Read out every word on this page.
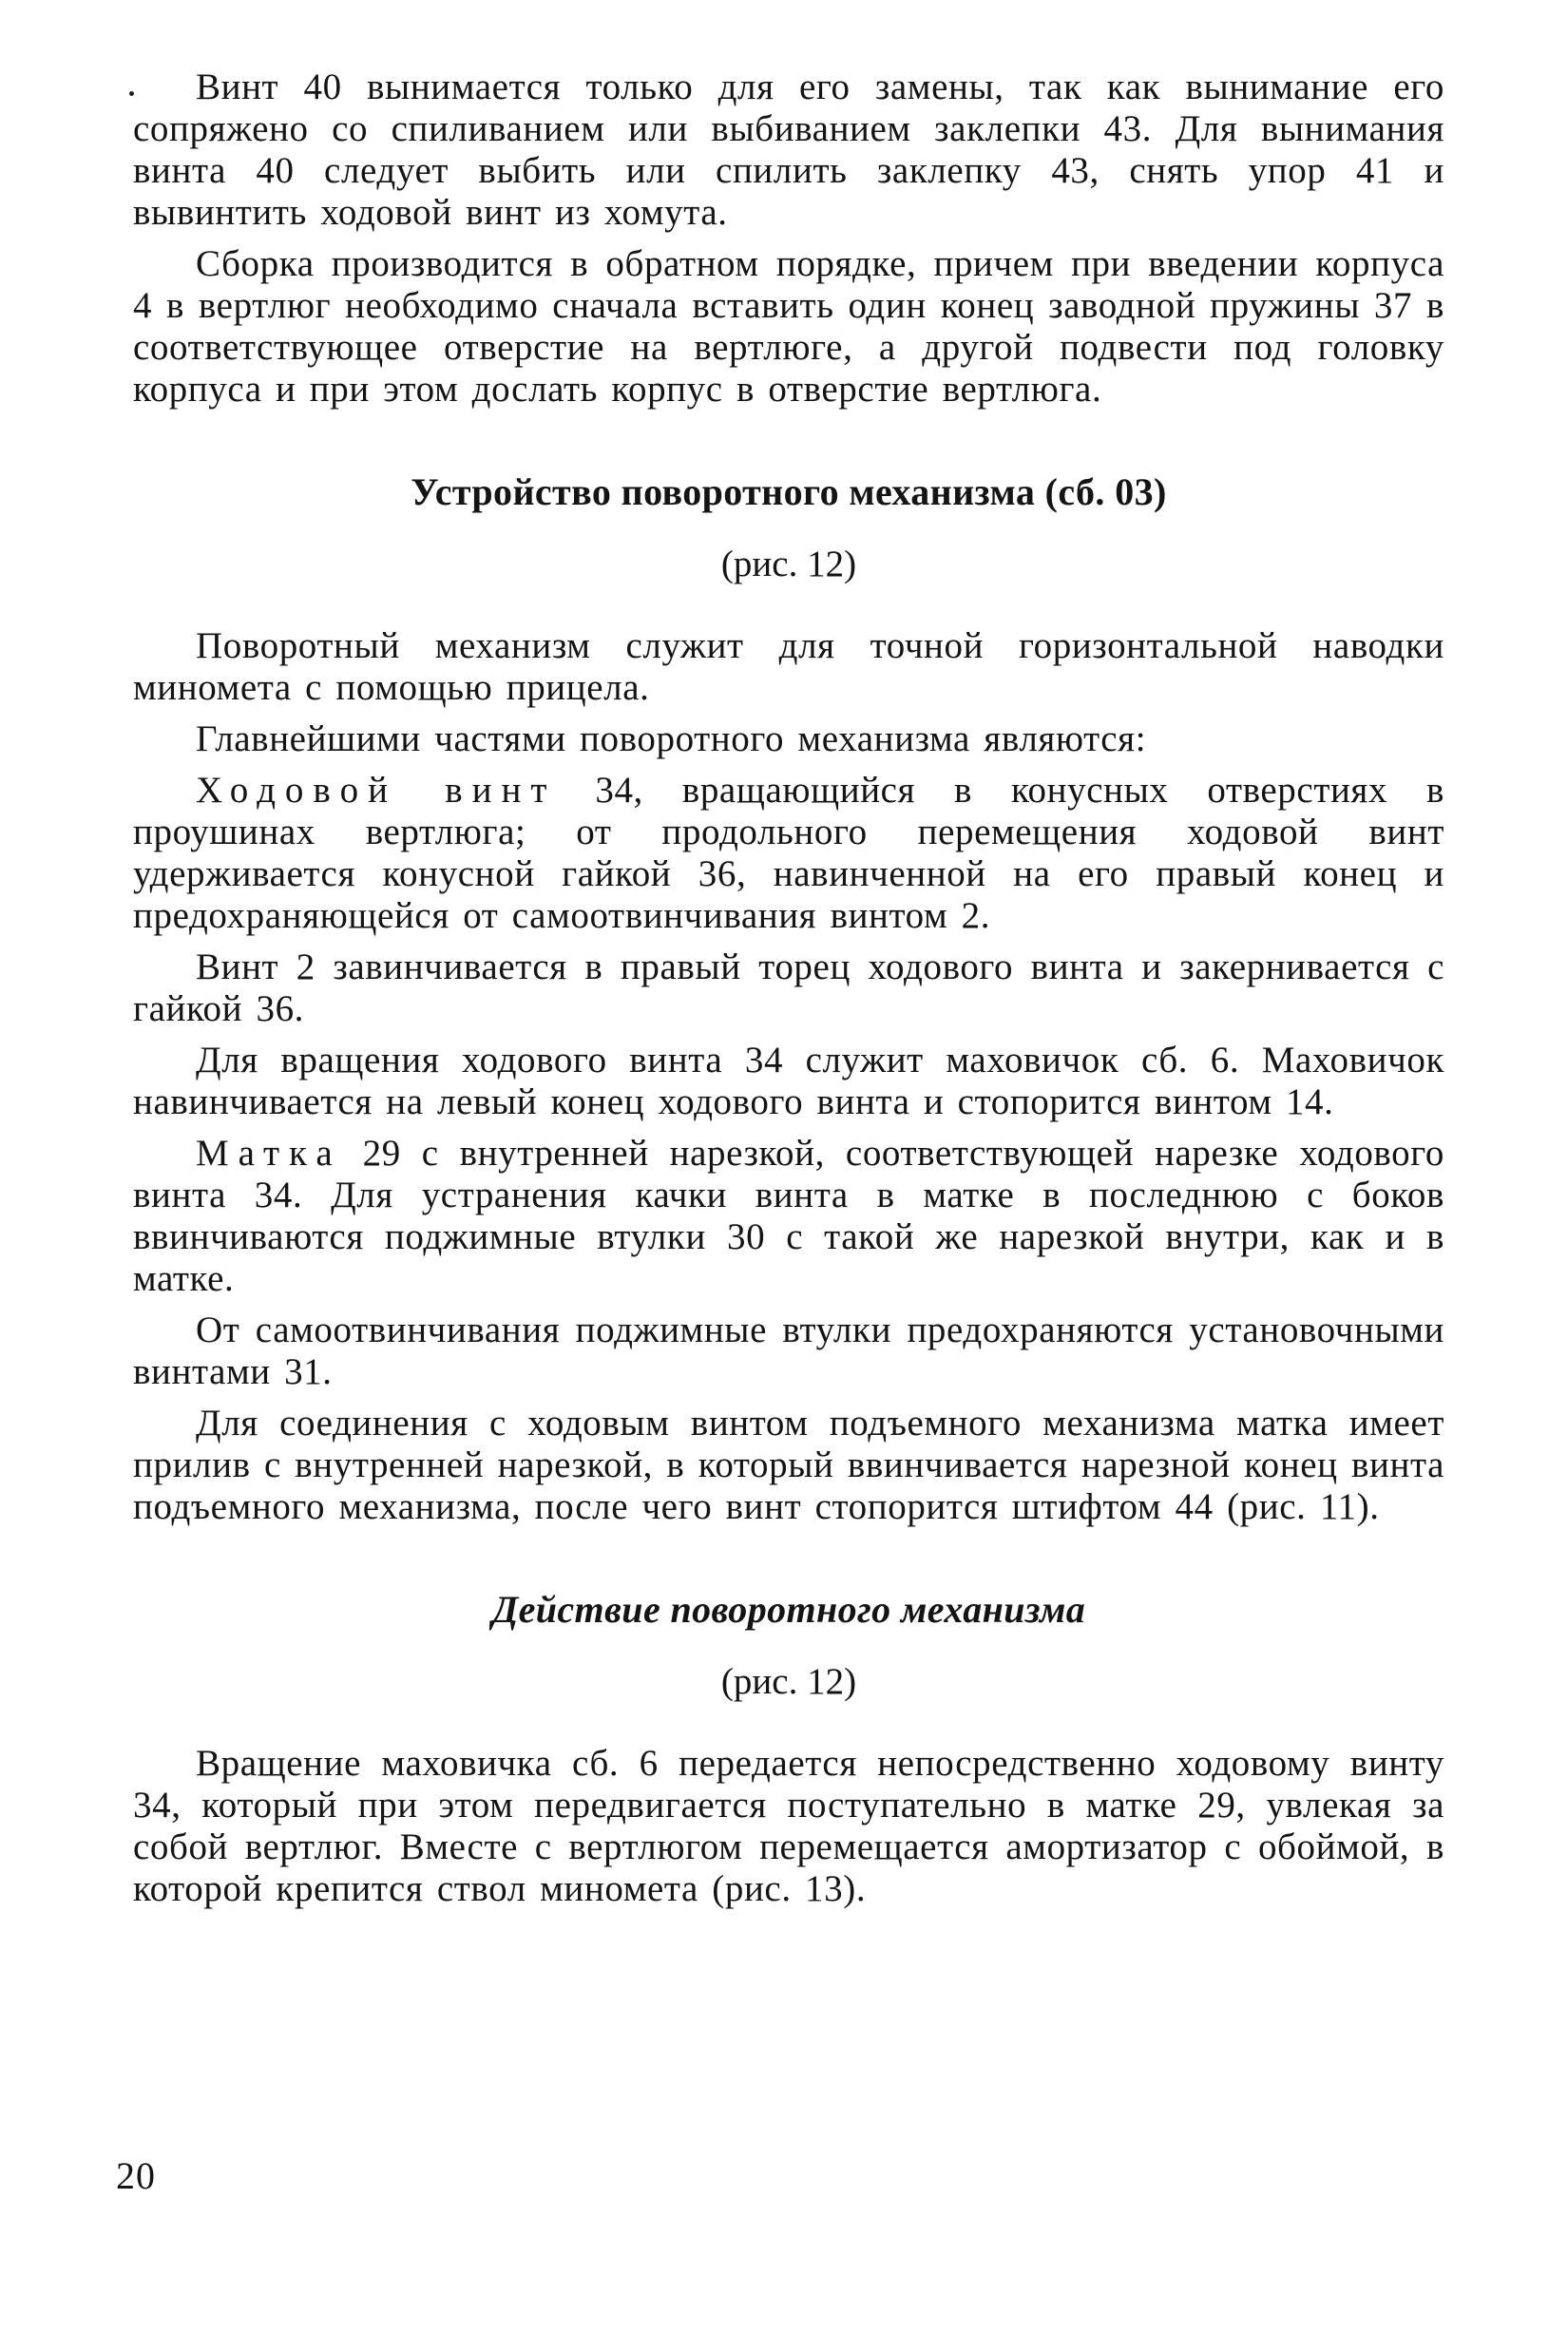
Винт 40 вынимается только для его замены, так как вынимание его сопряжено со спиливанием или выбиванием заклепки 43. Для вынимания винта 40 следует выбить или спилить заклепку 43, снять упор 41 и вывинтить ходовой винт из хомута.

Сборка производится в обратном порядке, причем при введении корпуса 4 в вертлюг необходимо сначала вставить один конец заводной пружины 37 в соответствующее отверстие на вертлюге, а другой подвести под головку корпуса и при этом дослать корпус в отверстие вертлюга.

Устройство поворотного механизма (сб. 03)
(рис. 12)

Поворотный механизм служит для точной горизонтальной наводки миномета с помощью прицела.

Главнейшими частями поворотного механизма являются:

Ходовой винт 34, вращающийся в конусных отверстиях в проушинах вертлюга; от продольного перемещения ходовой винт удерживается конусной гайкой 36, навинченной на его правый конец и предохраняющейся от самоотвинчивания винтом 2.

Винт 2 завинчивается в правый торец ходового винта и закернивается с гайкой 36.

Для вращения ходового винта 34 служит маховичок сб. 6. Маховичок навинчивается на левый конец ходового винта и стопорится винтом 14.

Матка 29 с внутренней нарезкой, соответствующей нарезке ходового винта 34. Для устранения качки винта в матке в последнюю с боков ввинчиваются поджимные втулки 30 с такой же нарезкой внутри, как и в матке.

От самоотвинчивания поджимные втулки предохраняются установочными винтами 31.

Для соединения с ходовым винтом подъемного механизма матка имеет прилив с внутренней нарезкой, в который ввинчивается нарезной конец винта подъемного механизма, после чего винт стопорится штифтом 44 (рис. 11).

Действие поворотного механизма
(рис. 12)

Вращение маховичка сб. 6 передается непосредственно ходовому винту 34, который при этом передвигается поступательно в матке 29, увлекая за собой вертлюг. Вместе с вертлюгом перемещается амортизатор с обоймой, в которой крепится ствол миномета (рис. 13).

20
